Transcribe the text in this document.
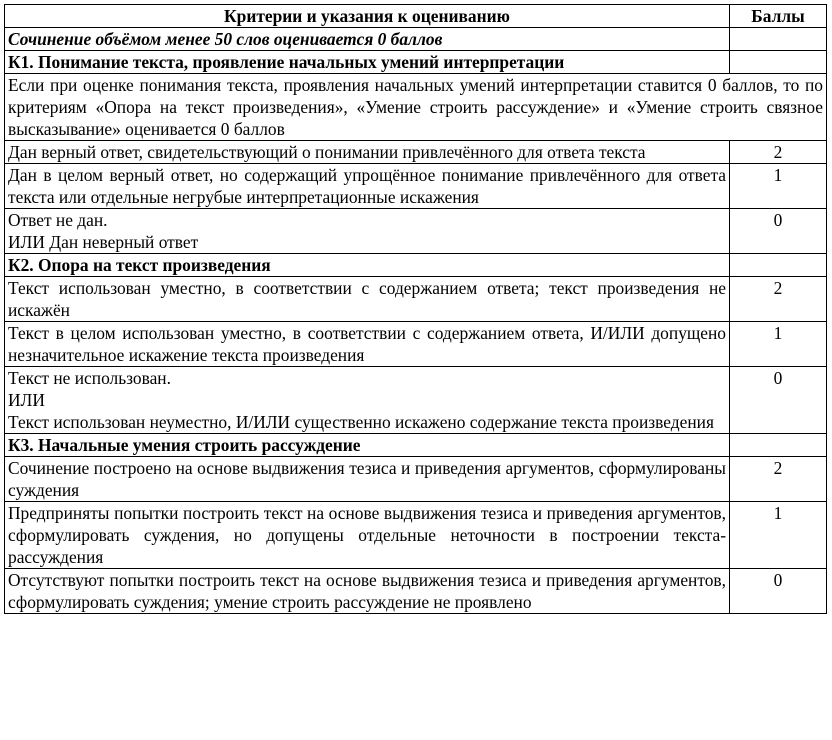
Критерии и указания к оцениванию	Баллы
Сочинение объёмом менее 50 слов оценивается 0 баллов	
К1. Понимание текста, проявление начальных умений интерпретации	
Если при оценке понимания текста, проявления начальных умений интерпретации ставится 0 баллов, то по критериям «Опора на текст произведения», «Умение строить рассуждение» и «Умение строить связное высказывание» оценивается 0 баллов	
Дан верный ответ, свидетельствующий о понимании привлечённого для ответа текста	2
Дан в целом верный ответ, но содержащий упрощённое понимание привлечённого для ответа текста или отдельные негрубые интерпретационные искажения	1

Ответ не дан.
ИЛИ Дан неверный ответ	0
К2. Опора на текст произведения	
Текст использован уместно, в соответствии с содержанием ответа; текст произведения не искажён	2
Текст в целом использован уместно, в соответствии с содержанием ответа, И/ИЛИ допущено незначительное искажение текста произведения	1

Текст не использован.
ИЛИ
Текст использован неуместно, И/ИЛИ существенно искажено содержание текста произведения	0
К3. Начальные умения строить рассуждение	
Сочинение построено на основе выдвижения тезиса и приведения аргументов, сформулированы суждения	2
Предприняты попытки построить текст на основе выдвижения тезиса и приведения аргументов, сформулировать суждения, но допущены отдельные неточности в построении текста-рассуждения	1
Отсутствуют попытки построить текст на основе выдвижения тезиса и приведения аргументов, сформулировать суждения; умение строить рассуждение не проявлено	0
